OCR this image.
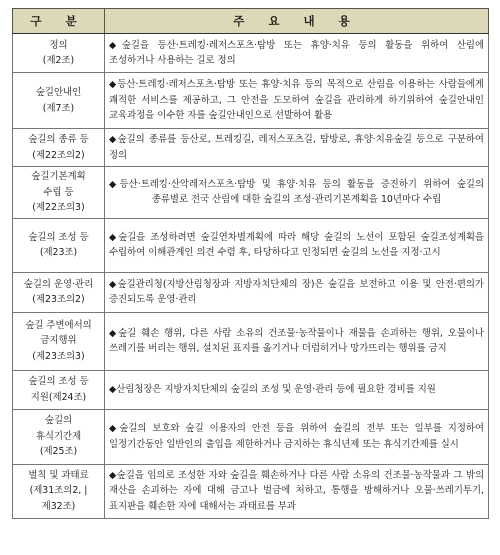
구 분	주 요 내 용

정의
(제2조)	◆숲길을 등산·트레킹·레저스포츠·탐방 또는 휴양·치유 등의 활동을 위하여 산림에 조성하거나 사용하는 길로 정의

숲길안내인
(제7조)	◆등산·트레킹·레저스포츠·탐방 또는 휴양·치유 등의 목적으로 산림을 이용하는 사람들에게 쾌적한 서비스를 제공하고, 그 안전을 도모하여 숲길을 관리하게 하기위하여 숲길안내인 교육과정을 이수한 자를 숲길안내인으로 선발하여 활용

숲길의 종류 등
(제22조의2)	◆숲길의 종류를 등산로, 트레킹길, 레저스포츠길, 탐방로, 휴양·치유숲길 등으로 구분하여 정의

숲길기본계획
수립 등
(제22조의3)	◆등산·트레킹·산악레저스포츠·탐방 및 휴양·치유 등의 활동을 증진하기 위하여 숲길의 종류별로 전국 산림에 대한 숲길의 조성·관리기본계획을 10년마다 수립

숲길의 조성 등
(제23조)	◆숲길을 조성하려면 숲길연차별계획에 따라 해당 숲길의 노선이 포함된 숲길조성계획을 수립하여 이해관계인 의견 수렴 후, 타당하다고 인정되면 숲길의 노선을 지정·고시

숲길의 운영·관리
(제23조의2)	◆숲길관리청(지방산림청장과 지방자치단체의 장)은 숲길을 보전하고 이용 및 안전·편의가 증진되도록 운영·관리

숲길 주변에서의
금지행위
(제23조의3)	◆숲길 훼손 행위, 다른 사람 소유의 건조물·농작물이나 재물을 손괴하는 행위, 오물이나 쓰레기를 버리는 행위, 설치된 표지를 옮기거나 더럽히거나 망가뜨리는 행위를 금지

숲길의 조성 등
지원(제24조)	◆산림청장은 지방자치단체의 숲길의 조성 및 운영·관리 등에 필요한 경비를 지원

숲길의
휴식기간제
(제25조)	◆숲길의 보호와 숲길 이용자의 안전 등을 위하여 숲길의 전부 또는 일부를 지정하여 일정기간동안 일반인의 출입을 제한하거나 금지하는 휴식년제 또는 휴식기간제를 실시

벌칙 및 과태료
(제31조의2, |
제32조)	◆숲길을 임의로 조성한 자와 숲길을 훼손하거나 다른 사람 소유의 건조물·농작물과 그 밖의 재산을 손괴하는 자에 대해 금고나 벌금에 처하고, 통행을 방해하거나 오물·쓰레기투기, 표지판을 훼손한 자에 대해서는 과태료를 부과
